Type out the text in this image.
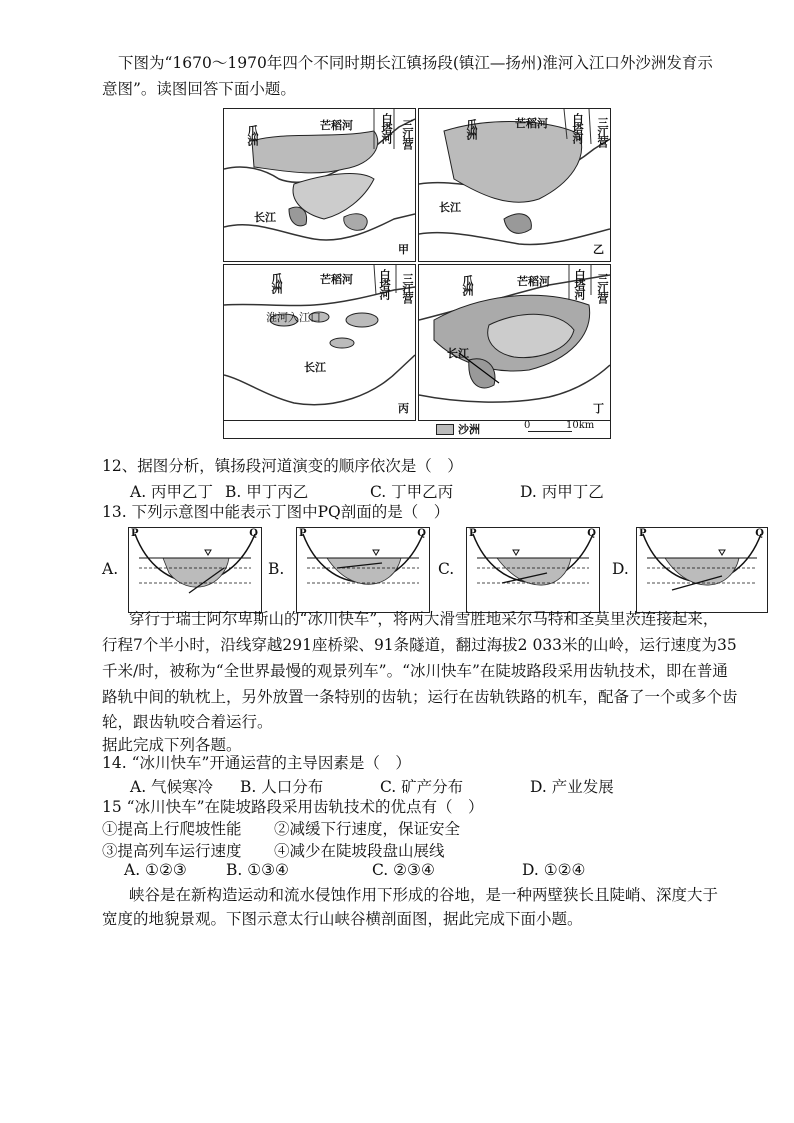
下图为“1670～1970年四个不同时期长江镇扬段(镇江—扬州)淮河入江口外沙洲发育示
意图”。读图回答下面小题。
瓜洲	芒稻河 白塔河 三江营
长江
甲
瓜洲	芒稻河 白塔河 三江营
长江
乙
瓜洲	芒稻河 白塔河 三江营
淮河入江口
长江
丙
瓜洲	芒稻河 白塔河 三江营
长江
丁
沙洲	0	10km
12、据图分析，镇扬段河道演变的顺序依次是（　）
A. 丙甲乙丁 B. 甲丁丙乙	C. 丁甲乙丙	D. 丙甲丁乙
13. 下列示意图中能表示丁图中PQ剖面的是（　）
A.
P	Q
B.
P	Q
C.
P	Q
D.
P	Q
穿行于瑞士阿尔卑斯山的“冰川快车”，将两大滑雪胜地采尔马特和圣莫里茨连接起来，
行程7个半小时，沿线穿越291座桥梁、91条隧道，翻过海拔2 033米的山岭，运行速度为35
千米/时，被称为“全世界最慢的观景列车”。“冰川快车”在陡坡路段采用齿轨技术，即在普通
路轨中间的轨枕上，另外放置一条特别的齿轨；运行在齿轨铁路的机车，配备了一个或多个齿
轮，跟齿轨咬合着运行。
据此完成下列各题。
14. “冰川快车”开通运营的主导因素是（　）
A. 气候寒冷 B. 人口分布	C. 矿产分布	D. 产业发展
15 “冰川快车”在陡坡路段采用齿轨技术的优点有（　）
①提高上行爬坡性能 ②减缓下行速度，保证安全
③提高列车运行速度 ④减少在陡坡段盘山展线
A. ①②③	B. ①③④	C. ②③④	D. ①②④
峡谷是在新构造运动和流水侵蚀作用下形成的谷地，是一种两壁狭长且陡峭、深度大于
宽度的地貌景观。下图示意太行山峡谷横剖面图，据此完成下面小题。
